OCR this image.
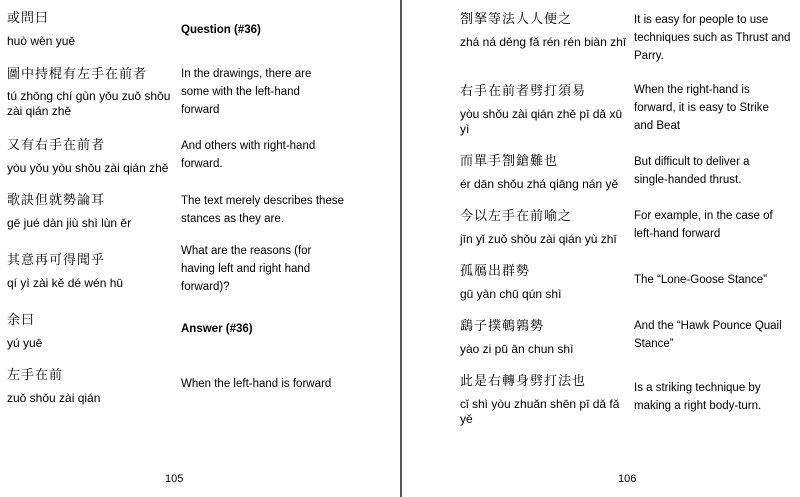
或問曰
huò wèn yuē
Question (#36)
圖中持棍有左手在前者
tú zhōng chí gùn yǒu zuǒ shǒu zài qián zhě
In the drawings, there are some with the left-hand forward
又有右手在前者
yòu yǒu yòu shǒu zài qián zhě
And others with right-hand forward.
歌訣但就勢論耳
gē jué dàn jiù shì lùn ěr
The text merely describes these stances as they are.
其意再可得聞乎
qí yì zài kě dé wén hū
What are the reasons (for having left and right hand forward)?
余曰
yú yuē
Answer (#36)
左手在前
zuǒ shǒu zài qián
When the left-hand is forward
105
劄拏等法人人便之
zhá ná děng fǎ rén rén biàn zhī
It is easy for people to use techniques such as Thrust and Parry.
右手在前者劈打須易
yòu shǒu zài qián zhě pī dǎ xū yì
When the right-hand is forward, it is easy to Strike and Beat
而單手劄鎗難也
ér dān shǒu zhá qiāng nán yě
But difficult to deliver a single-handed thrust.
今以左手在前喻之
jīn yǐ zuǒ shǒu zài qián yù zhī
For example, in the case of left-hand forward
孤鴈出群勢
gū yàn chū qún shì
The “Lone-Goose Stance”
鷂子撲鵪鶉勢
yào zi pū ān chun shì
And the “Hawk Pounce Quail Stance”
此是右轉身劈打法也
cǐ shì yòu zhuǎn shēn pī dǎ fǎ yě
Is a striking technique by making a right body-turn.
106
